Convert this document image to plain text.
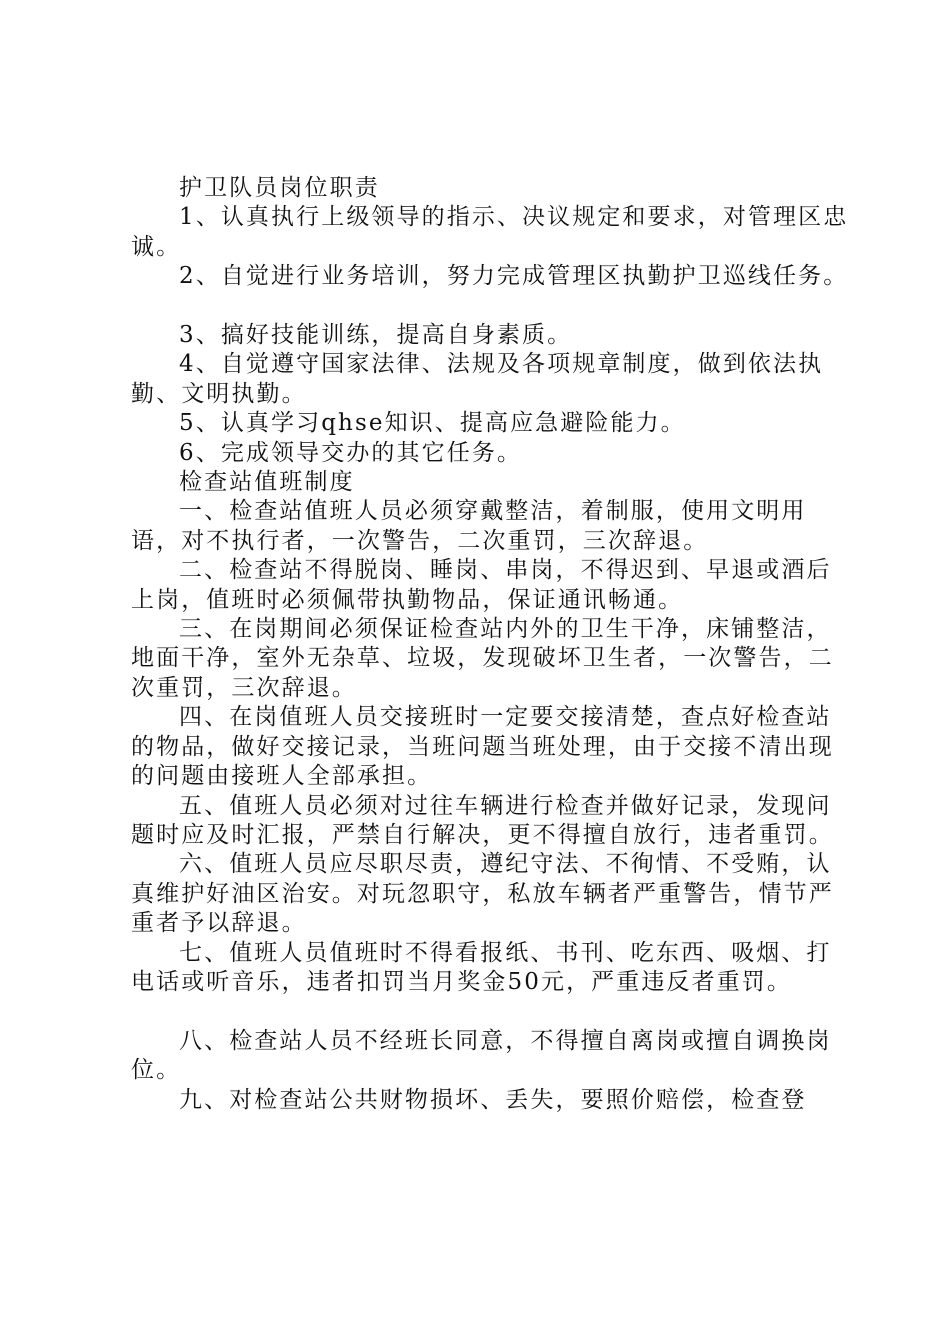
护卫队员岗位职责

1、认真执行上级领导的指示、决议规定和要求，对管理区忠诚。

2、自觉进行业务培训，努力完成管理区执勤护卫巡线任务。

3、搞好技能训练，提高自身素质。

4、自觉遵守国家法律、法规及各项规章制度，做到依法执勤、文明执勤。

5、认真学习qhse知识、提高应急避险能力。

6、完成领导交办的其它任务。

检查站值班制度

一、检查站值班人员必须穿戴整洁，着制服，使用文明用语，对不执行者，一次警告，二次重罚，三次辞退。

二、检查站不得脱岗、睡岗、串岗，不得迟到、早退或酒后上岗，值班时必须佩带执勤物品，保证通讯畅通。

三、在岗期间必须保证检查站内外的卫生干净，床铺整洁，地面干净，室外无杂草、垃圾，发现破坏卫生者，一次警告，二次重罚，三次辞退。

四、在岗值班人员交接班时一定要交接清楚，查点好检查站的物品，做好交接记录，当班问题当班处理，由于交接不清出现的问题由接班人全部承担。

五、值班人员必须对过往车辆进行检查并做好记录，发现问题时应及时汇报，严禁自行解决，更不得擅自放行，违者重罚。

六、值班人员应尽职尽责，遵纪守法、不徇情、不受贿，认真维护好油区治安。对玩忽职守，私放车辆者严重警告，情节严重者予以辞退。

七、值班人员值班时不得看报纸、书刊、吃东西、吸烟、打电话或听音乐，违者扣罚当月奖金50元，严重违反者重罚。

八、检查站人员不经班长同意，不得擅自离岗或擅自调换岗位。

九、对检查站公共财物损坏、丢失，要照价赔偿，检查登
